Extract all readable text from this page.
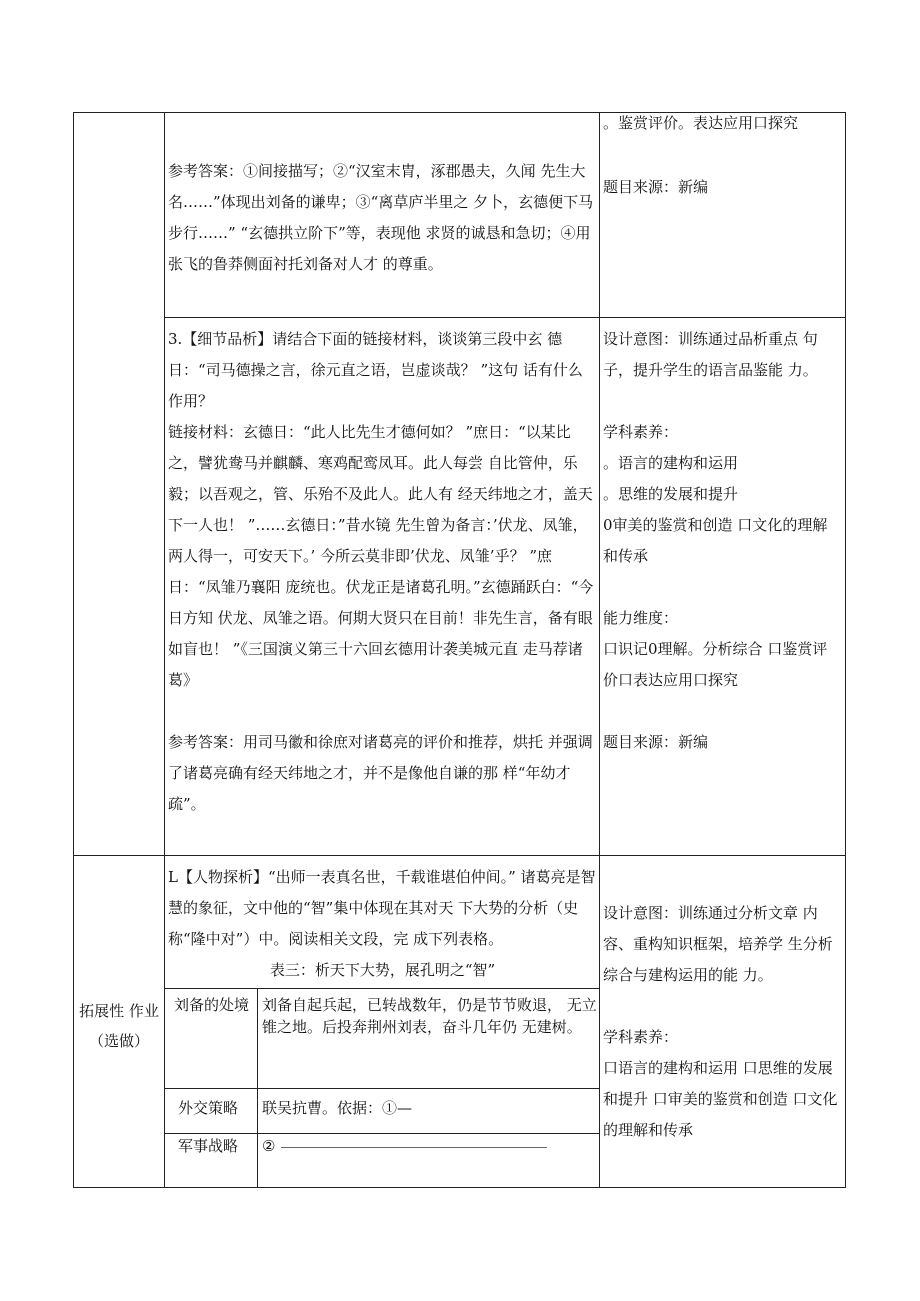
。鉴赏评价。表达应用口探究
题目来源：新编

参考答案：①间接描写；②“汉室末胄，涿郡愚夫，久闻 先生大名……”体现出刘备的谦卑；③“离草庐半里之 夕卜，玄德便下马步行……” “玄德拱立阶下”等，表现他 求贤的诚恳和急切；④用张飞的鲁莽侧面衬托刘备对人才 的尊重。

3.【细节品析】请结合下面的链接材料，谈谈第三段中玄 德日：“司马德操之言，徐元直之语，岂虚谈哉？ ”这句 话有什么作用？

链接材料：玄德日：“此人比先生才德何如？ ”庶日：“以某比之，譬犹鸯马并麒麟、寒鸡配鸾凤耳。此人每尝 自比管仲，乐毅；以吾观之，管、乐殆不及此人。此人有 经天纬地之才，盖天下一人也！ ”……玄德日：”昔水镜 先生曾为备言：’伏龙、凤雏，两人得一，可安天下。’ 今所云莫非即’伏龙、凤雏’乎？ ”庶日：“凤雏乃襄阳 庞统也。伏龙正是诸葛孔明。”玄德踊跃白：“今日方知 伏龙、凤雏之语。何期大贤只在目前！非先生言，备有眼 如盲也！ ”《三国演义第三十六回玄德用计袭美城元直 走马荐诸葛》

参考答案：用司马徽和徐庶对诸葛亮的评价和推荐，烘托 并强调了诸葛亮确有经天纬地之才，并不是像他自谦的那 样“年幼才疏”。

设计意图：训练通过品析重点 句子，提升学生的语言品鉴能 力。

学科素养：

。语言的建构和运用

。思维的发展和提升

0审美的鉴赏和创造 口文化的理解和传承

能力维度：

口识记0理解。分析综合 口鉴赏评价口表达应用口探究

题目来源：新编

拓展性 作业

（选做）

L【人物探析】“出师一表真名世，千载谁堪伯仲间。” 诸葛亮是智慧的象征，文中他的“智”集中体现在其对天 下大势的分析（史称“隆中对”）中。阅读相关文段，完 成下列表格。

表三：析天下大势，展孔明之“智”

刘备的处境 刘备自起兵起，已转战数年，仍是节节败退， 无立锥之地。后投奔荆州刘表，奋斗几年仍 无建树。
外交策略	联吴抗曹。依据：①—
军事战略	②

设计意图：训练通过分析文章 内容、重构知识框架，培养学 生分析综合与建构运用的能 力。

学科素养：

口语言的建构和运用 口思维的发展和提升 口审美的鉴赏和创造 口文化的理解和传承
